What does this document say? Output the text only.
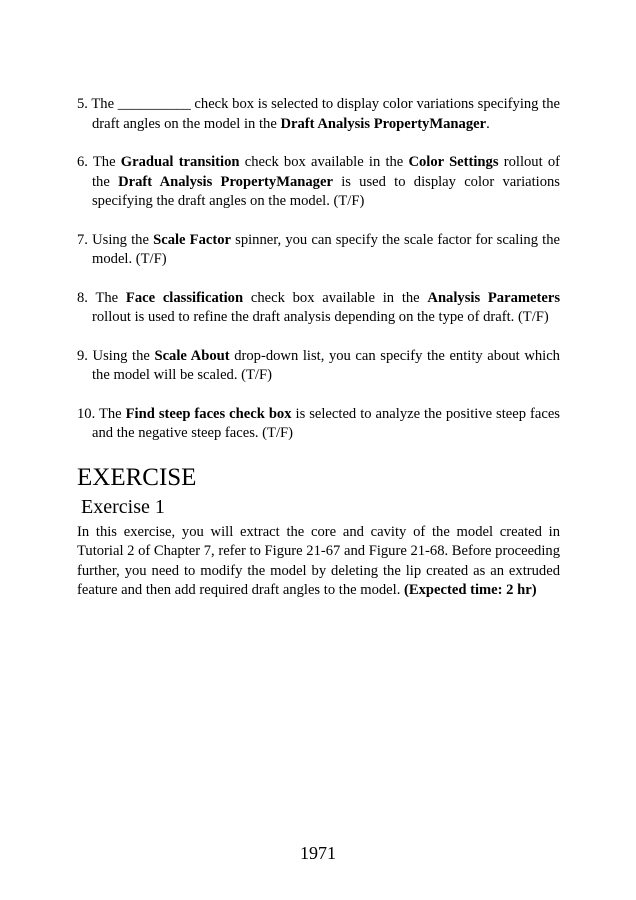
5. The __________ check box is selected to display color variations specifying the draft angles on the model in the Draft Analysis PropertyManager.

6. The Gradual transition check box available in the Color Settings rollout of the Draft Analysis PropertyManager is used to display color variations specifying the draft angles on the model. (T/F)

7. Using the Scale Factor spinner, you can specify the scale factor for scaling the model. (T/F)

8. The Face classification check box available in the Analysis Parameters rollout is used to refine the draft analysis depending on the type of draft. (T/F)

9. Using the Scale About drop-down list, you can specify the entity about which the model will be scaled. (T/F)

10. The Find steep faces check box is selected to analyze the positive steep faces and the negative steep faces. (T/F)

EXERCISE
Exercise 1

In this exercise, you will extract the core and cavity of the model created in Tutorial 2 of Chapter 7, refer to Figure 21-67 and Figure 21-68. Before proceeding further, you need to modify the model by deleting the lip created as an extruded feature and then add required draft angles to the model. (Expected time: 2 hr)

1971
